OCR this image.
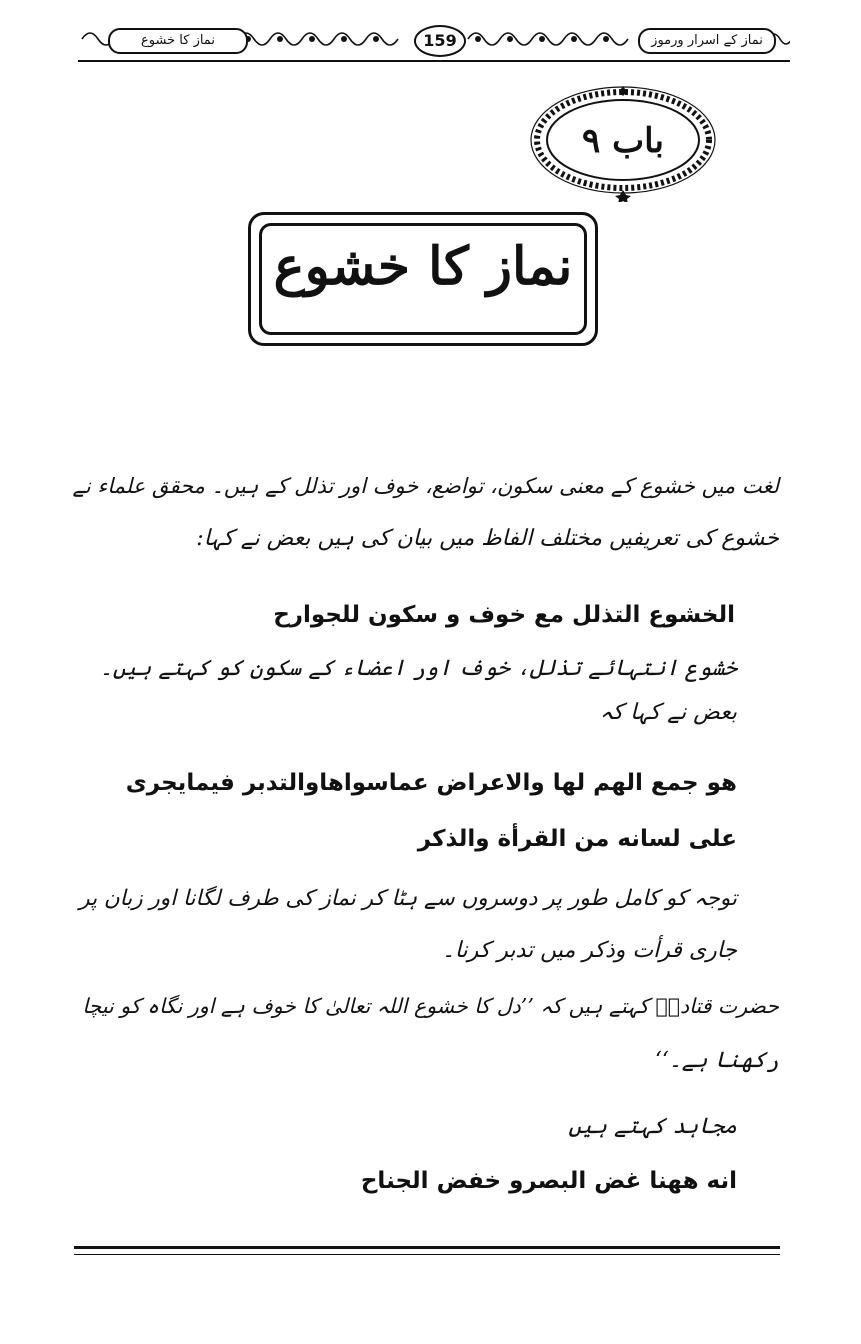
نماز کا خشوع	159	نماز کے اسرار ورموز
باب ۹
نماز کا خشوع
لغت میں خشوع کے معنی سکون، تواضع، خوف اور تذلل کے ہیں۔ محقق علماء نے
خشوع کی تعریفیں مختلف الفاظ میں بیان کی ہیں بعض نے کہا:
الخشوع التذلل مع خوف و سکون للجوارح
خشوع انتہائے تذلل، خوف اور اعضاء کے سکون کو کہتے ہیں۔
بعض نے کہا کہ
هو جمع الهم لها والاعراض عماسواهاوالتدبر فيمايجرى
على لسانه من القرأة والذكر
توجہ کو کامل طور پر دوسروں سے ہٹا کر نماز کی طرف لگانا اور زبان پر
جاری قرأت وذکر میں تدبر کرنا۔
حضرت قتادہؓ کہتے ہیں کہ ’’دل کا خشوع اللہ تعالیٰ کا خوف ہے اور نگاہ کو نیچا
رکھنا ہے۔‘‘
مجاہد کہتے ہیں
انه هھنا غض البصرو خفض الجناح
